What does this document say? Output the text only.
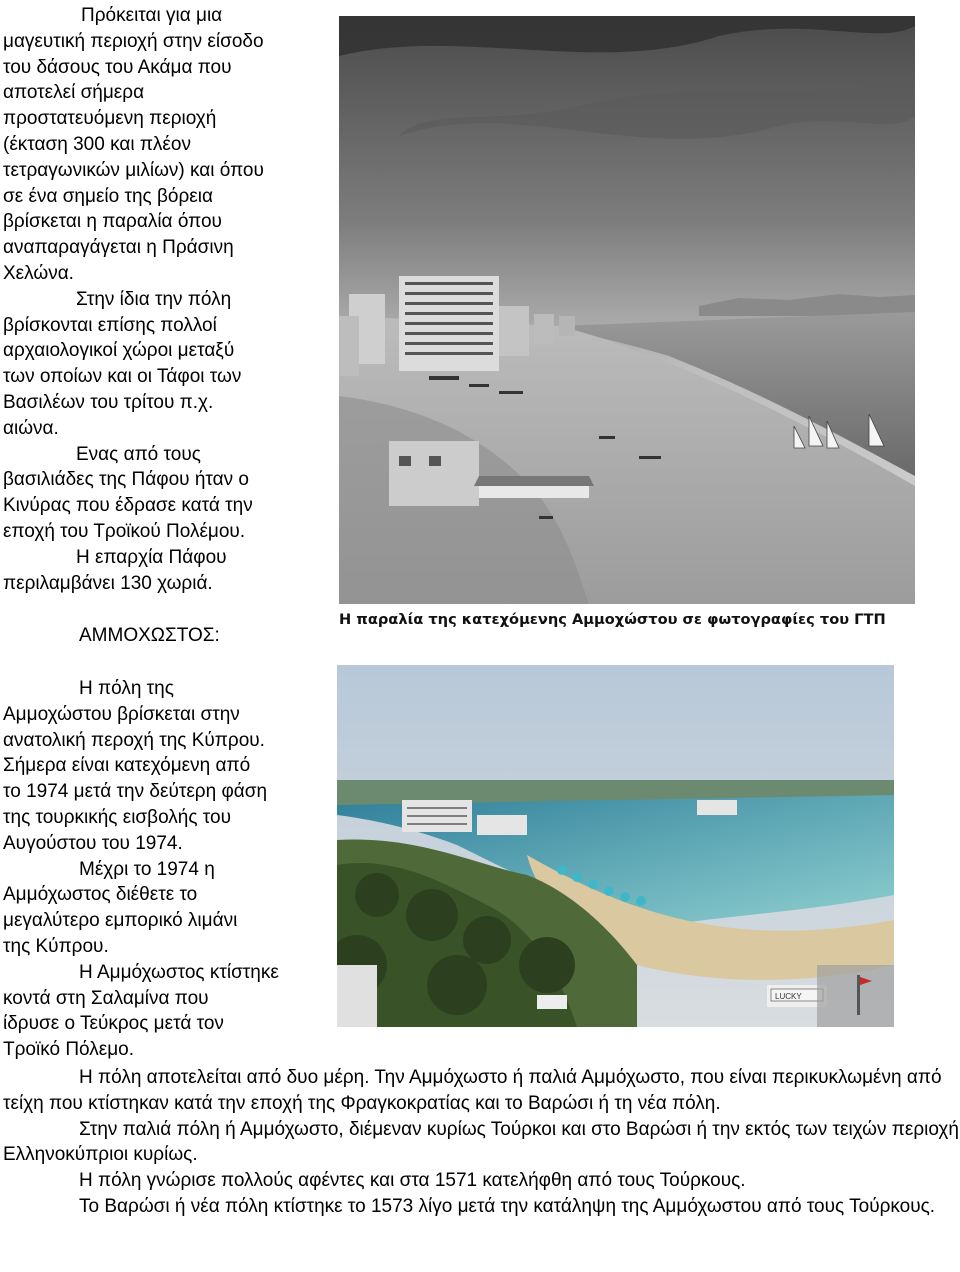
Πρόκειται για μια

μαγευτική περιοχή στην είσοδο

του δάσους του Ακάμα που

αποτελεί σήμερα

προστατευόμενη περιοχή

(έκταση 300 και πλέον

τετραγωνικών μιλίων) και όπου

σε ένα σημείο της βόρεια

βρίσκεται η παραλία όπου

αναπαραγάγεται η Πράσινη

Χελώνα.

Στην ίδια την πόλη

βρίσκονται επίσης πολλοί

αρχαιολογικοί χώροι μεταξύ

των οποίων και οι Τάφοι των

Βασιλέων του τρίτου π.χ.

αιώνα.

Ενας από τους

βασιλιάδες της Πάφου ήταν ο

Κινύρας που έδρασε κατά την

εποχή του Τροϊκού Πολέμου.

Η επαρχία Πάφου

περιλαμβάνει 130 χωριά.

Η παραλία της κατεχόμενης Αμμοχώστου σε φωτογραφίες του ΓΤΠ
ΑΜΜΟΧΩΣΤΟΣ:
LUCKY

Η πόλη της

Αμμοχώστου βρίσκεται στην

ανατολική περοχή της Κύπρου.

Σήμερα είναι κατεχόμενη από

το 1974 μετά την δεύτερη φάση

της τουρκικής εισβολής του

Αυγούστου του 1974.

Μέχρι το 1974 η

Αμμόχωστος διέθετε το

μεγαλύτερο εμπορικό λιμάνι

της Κύπρου.

Η Αμμόχωστος κτίστηκε

κοντά στη Σαλαμίνα που

ίδρυσε ο Τεύκρος μετά τον

Τροϊκό Πόλεμο.

Η πόλη αποτελείται από δυο μέρη. Την Αμμόχωστο ή παλιά Αμμόχωστο, που είναι περικυκλωμένη από τείχη που κτίστηκαν κατά την εποχή της Φραγκοκρατίας και το Βαρώσι ή τη νέα πόλη.

Στην παλιά πόλη ή Αμμόχωστο, διέμεναν κυρίως Τούρκοι και στο Βαρώσι ή την εκτός των τειχών περιοχή Ελληνοκύπριοι κυρίως.

Η πόλη γνώρισε πολλούς αφέντες και στα 1571 κατελήφθη από τους Τούρκους.

Το Βαρώσι ή νέα πόλη κτίστηκε το 1573 λίγο μετά την κατάληψη της Αμμόχωστου από τους Τούρκους.
